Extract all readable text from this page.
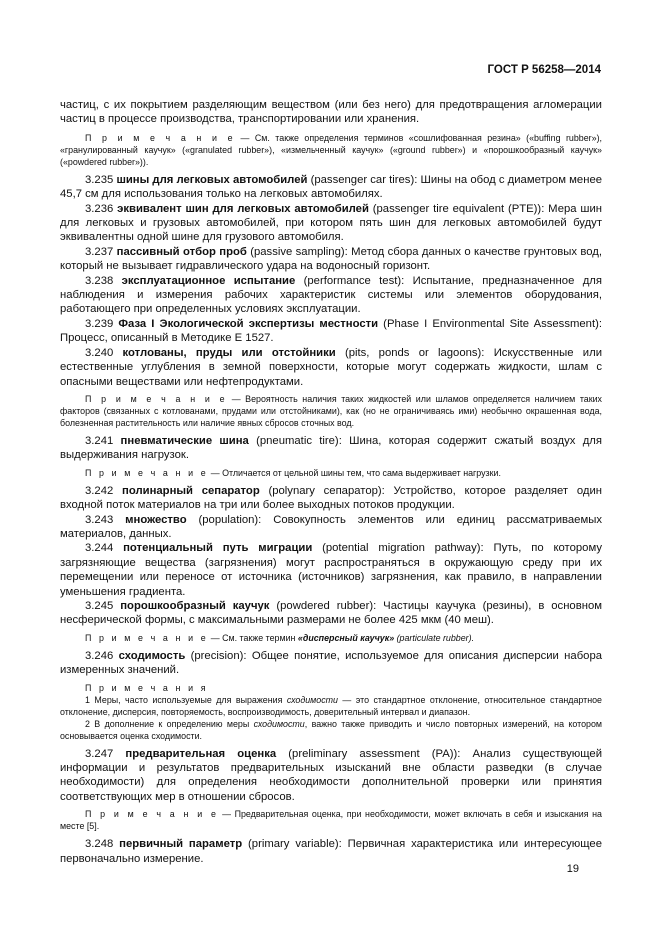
ГОСТ Р 56258—2014

частиц, с их покрытием разделяющим веществом (или без него) для предотвращения агломерации частиц в процессе производства, транспортировании или хранения.

П р и м е ч а н и е — См. также определения терминов «сошлифованная резина» («buffing rubber»), «гранулированный каучук» («granulated rubber»), «измельченный каучук» («ground rubber») и «порошкообразный каучук» («powdered rubber»)).

3.235 шины для легковых автомобилей (passenger car tires): Шины на обод с диаметром менее 45,7 см для использования только на легковых автомобилях.

3.236 эквивалент шин для легковых автомобилей (passenger tire equivalent (PTE)): Мера шин для легковых и грузовых автомобилей, при котором пять шин для легковых автомобилей будут эквивалентны одной шине для грузового автомобиля.

3.237 пассивный отбор проб (passive sampling): Метод сбора данных о качестве грунтовых вод, который не вызывает гидравлического удара на водоносный горизонт.

3.238 эксплуатационное испытание (performance test): Испытание, предназначенное для наблюдения и измерения рабочих характеристик системы или элементов оборудования, работающего при определенных условиях эксплуатации.

3.239 Фаза I Экологической экспертизы местности (Phase I Environmental Site Assessment): Процесс, описанный в Методике Е 1527.

3.240 котлованы, пруды или отстойники (pits, ponds or lagoons): Искусственные или естественные углубления в земной поверхности, которые могут содержать жидкости, шлам с опасными веществами или нефтепродуктами.

П р и м е ч а н и е — Вероятность наличия таких жидкостей или шламов определяется наличием таких факторов (связанных с котлованами, прудами или отстойниками), как (но не ограничиваясь ими) необычно окрашенная вода, болезненная растительность или наличие явных сбросов сточных вод.

3.241 пневматические шина (pneumatic tire): Шина, которая содержит сжатый воздух для выдерживания нагрузок.

П р и м е ч а н и е — Отличается от цельной шины тем, что сама выдерживает нагрузки.

3.242 полинарный сепаратор (polynary сепаратор): Устройство, которое разделяет один входной поток материалов на три или более выходных потоков продукции.

3.243 множество (population): Совокупность элементов или единиц рассматриваемых материалов, данных.

3.244 потенциальный путь миграции (potential migration pathway): Путь, по которому загрязняющие вещества (загрязнения) могут распространяться в окружающую среду при их перемещении или переносе от источника (источников) загрязнения, как правило, в направлении уменьшения градиента.

3.245 порошкообразный каучук (powdered rubber): Частицы каучука (резины), в основном несферической формы, с максимальными размерами не более 425 мкм (40 меш).

П р и м е ч а н и е — См. также термин «дисперсный каучук» (particulate rubber).

3.246 сходимость (precision): Общее понятие, используемое для описания дисперсии набора измеренных значений.

П р и м е ч а н и я

1 Меры, часто используемые для выражения сходимости — это стандартное отклонение, относительное стандартное отклонение, дисперсия, повторяемость, воспроизводимость, доверительный интервал и диапазон.

2 В дополнение к определению меры сходимости, важно также приводить и число повторных измерений, на котором основывается оценка сходимости.

3.247 предварительная оценка (preliminary assessment (PA)): Анализ существующей информации и результатов предварительных изысканий вне области разведки (в случае необходимости) для определения необходимости дополнительной проверки или принятия соответствующих мер в отношении сбросов.

П р и м е ч а н и е — Предварительная оценка, при необходимости, может включать в себя и изыскания на месте [5].

3.248 первичный параметр (primary variable): Первичная характеристика или интересующее первоначально измерение.

19
